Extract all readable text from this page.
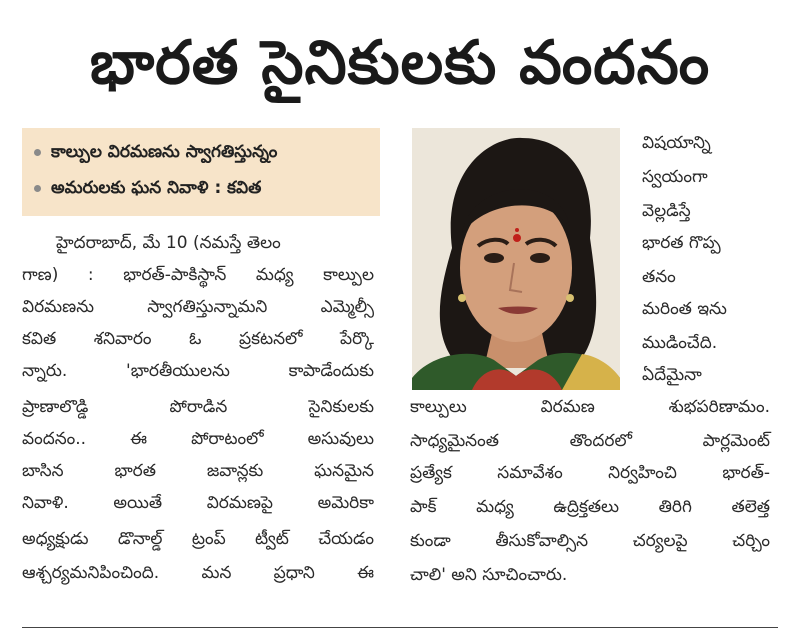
భారత సైనికులకు వందనం
కాల్పుల విరమణను స్వాగతిస్తున్నం
అమరులకు ఘన నివాళి : కవిత
హైదరాబాద్, మే 10 (నమస్తే తెలం
గాణ) : భారత్-పాకిస్థాన్ మధ్య కాల్పుల
విరమణను స్వాగతిస్తున్నామని ఎమ్మెల్సీ
కవిత శనివారం ఓ ప్రకటనలో పేర్కొ
న్నారు. 'భారతీయులను కాపాడేందుకు
ప్రాణాలొడ్డి పోరాడిన సైనికులకు
వందనం.. ఈ పోరాటంలో అసువులు
బాసిన భారత జవాన్లకు ఘనమైన
నివాళి. అయితే విరమణపై అమెరికా
అధ్యక్షుడు డొనాల్డ్ ట్రంప్ ట్వీట్ చేయడం
ఆశ్చర్యమనిపించింది. మన ప్రధాని ఈ
విషయాన్ని
స్వయంగా
వెల్లడిస్తే
భారత గొప్ప
తనం
మరింత ఇను
ముడించేది.
ఏదేమైనా
కాల్పులు విరమణ శుభపరిణామం.
సాధ్యమైనంత తొందరలో పార్లమెంట్
ప్రత్యేక సమావేశం నిర్వహించి భారత్-
పాక్ మధ్య ఉద్రిక్తతలు తిరిగి తలెత్త
కుండా తీసుకోవాల్సిన చర్యలపై చర్చిం
చాలి' అని సూచించారు.
